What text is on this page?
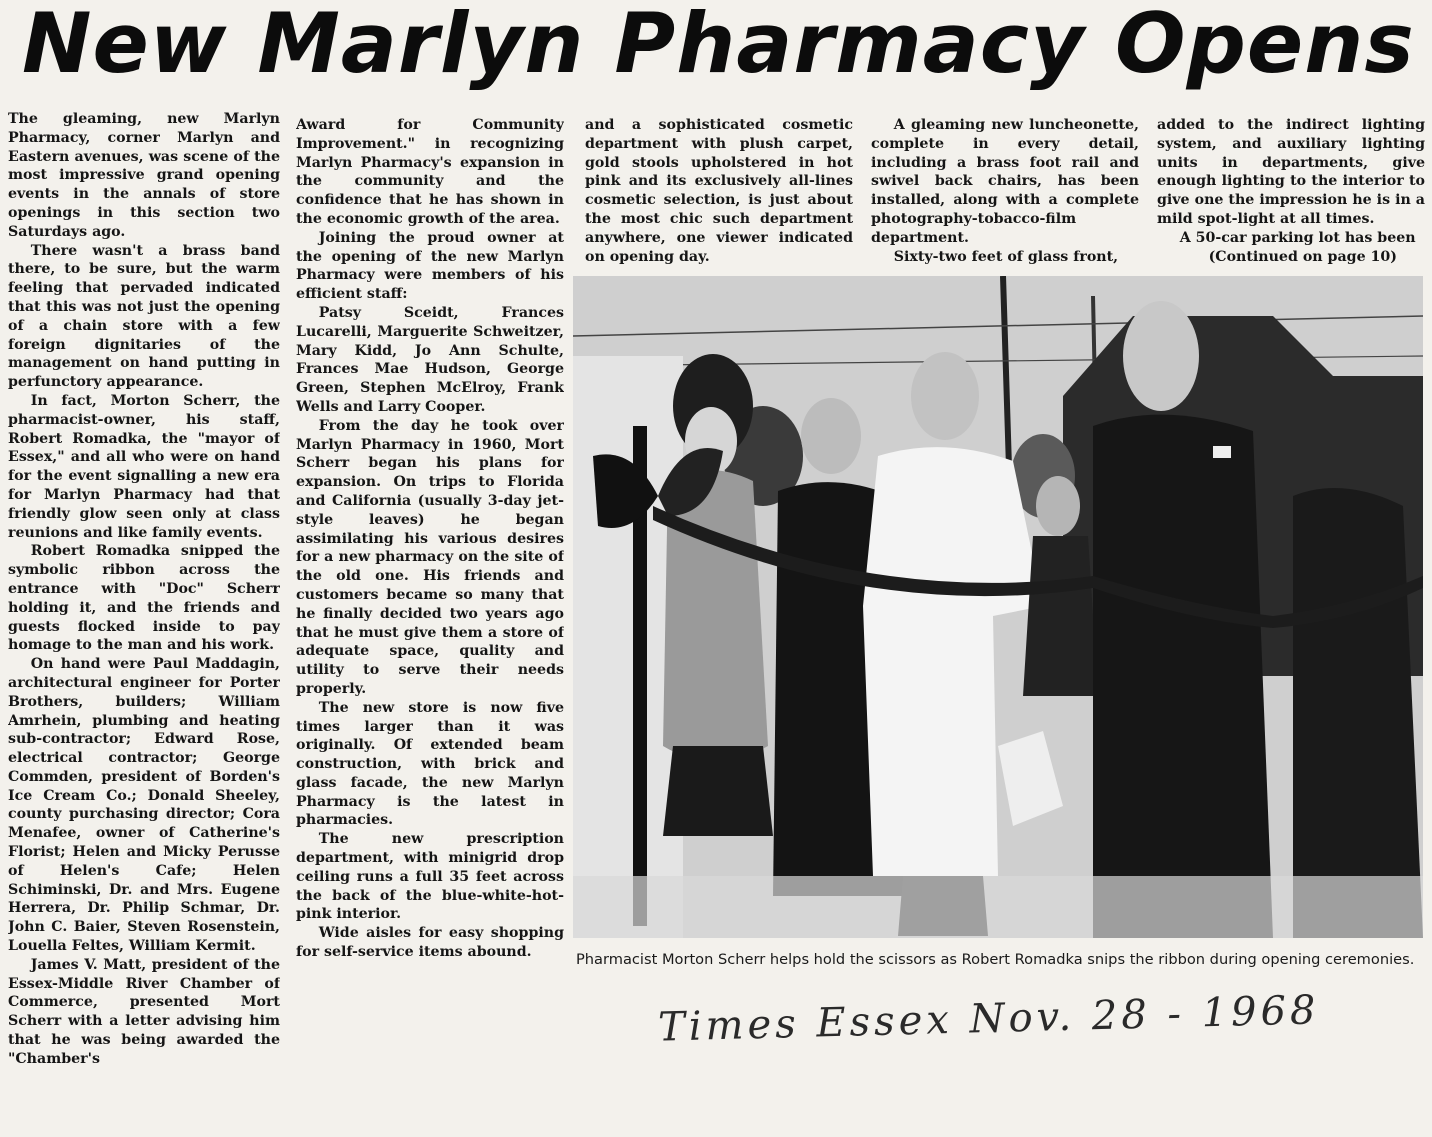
New Marlyn Pharmacy Opens

The gleaming, new Marlyn Pharmacy, corner Marlyn and Eastern avenues, was scene of the most impressive grand opening events in the annals of store openings in this section two Saturdays ago.

There wasn't a brass band there, to be sure, but the warm feeling that pervaded indicated that this was not just the opening of a chain store with a few foreign dignitaries of the management on hand putting in perfunctory appearance.

In fact, Morton Scherr, the pharmacist-owner, his staff, Robert Romadka, the "mayor of Essex," and all who were on hand for the event signalling a new era for Marlyn Pharmacy had that friendly glow seen only at class reunions and like family events.

Robert Romadka snipped the symbolic ribbon across the entrance with "Doc" Scherr holding it, and the friends and guests flocked inside to pay homage to the man and his work.

On hand were Paul Maddagin, architectural engineer for Porter Brothers, builders; William Amrhein, plumbing and heating sub-contractor; Edward Rose, electrical contractor; George Commden, president of Borden's Ice Cream Co.; Donald Sheeley, county purchasing director; Cora Menafee, owner of Catherine's Florist; Helen and Micky Perusse of Helen's Cafe; Helen Schiminski, Dr. and Mrs. Eugene Herrera, Dr. Philip Schmar, Dr. John C. Baier, Steven Rosenstein, Louella Feltes, William Kermit.

James V. Matt, president of the Essex-Middle River Chamber of Commerce, presented Mort Scherr with a letter advising him that he was being awarded the "Chamber's

Award for Community Improvement." in recognizing Marlyn Pharmacy's expansion in the community and the confidence that he has shown in the economic growth of the area.

Joining the proud owner at the opening of the new Marlyn Pharmacy were members of his efficient staff:

Patsy Sceidt, Frances Lucarelli, Marguerite Schweitzer, Mary Kidd, Jo Ann Schulte, Frances Mae Hudson, George Green, Stephen McElroy, Frank Wells and Larry Cooper.

From the day he took over Marlyn Pharmacy in 1960, Mort Scherr began his plans for expansion. On trips to Florida and California (usually 3-day jet-style leaves) he began assimilating his various desires for a new pharmacy on the site of the old one. His friends and customers became so many that he finally decided two years ago that he must give them a store of adequate space, quality and utility to serve their needs properly.

The new store is now five times larger than it was originally. Of extended beam construction, with brick and glass facade, the new Marlyn Pharmacy is the latest in pharmacies.

The new prescription department, with minigrid drop ceiling runs a full 35 feet across the back of the blue-white-hot-pink interior.

Wide aisles for easy shopping for self-service items abound.

and a sophisticated cosmetic department with plush carpet, gold stools upholstered in hot pink and its exclusively all-lines cosmetic selection, is just about the most chic such department anywhere, one viewer indicated on opening day.

A gleaming new luncheonette, complete in every detail, including a brass foot rail and swivel back chairs, has been installed, along with a complete photography-tobacco-film department.

Sixty-two feet of glass front,

added to the indirect lighting system, and auxiliary lighting units in departments, give enough lighting to the interior to give one the impression he is in a mild spot-light at all times.

A 50-car parking lot has been

(Continued on page 10)

Pharmacist Morton Scherr helps hold the scissors as Robert Romadka snips the ribbon during opening ceremonies.

Times Essex Nov. 28 - 1968
